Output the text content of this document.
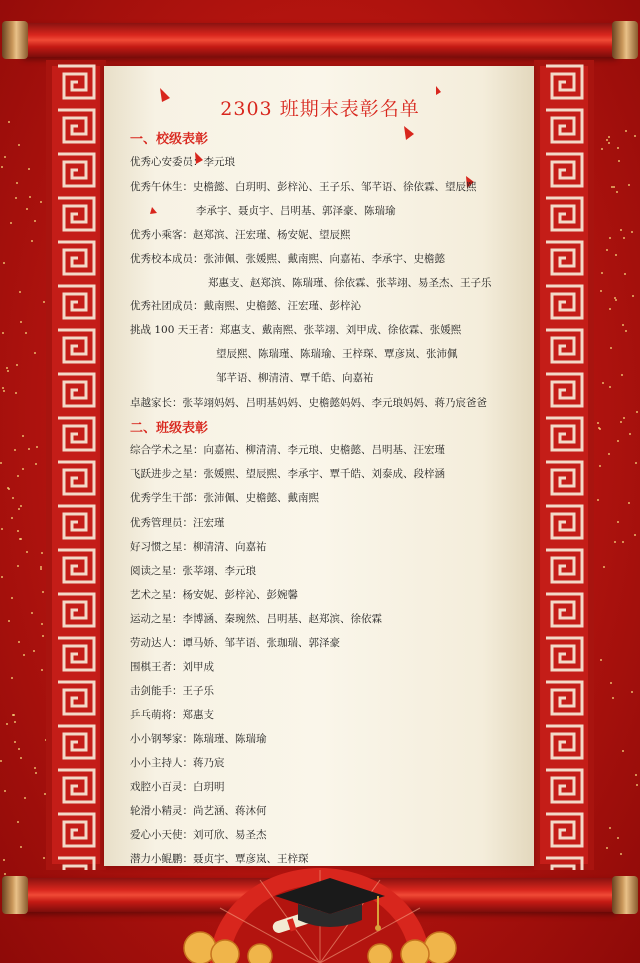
2303 班期末表彰名单
一、校级表彰
优秀心安委员：李元琅
优秀午休生：史檐懿、白玥明、彭梓沁、王子乐、邹芊语、徐依霖、望辰熙
李承宇、聂贞宇、吕明基、郭泽豪、陈瑞瑜
优秀小乘客：赵郑滨、汪宏瑾、杨安妮、望辰熙
优秀校本成员：张沛佩、张媛熙、戴南熙、向嘉祐、李承宇、史檐懿
郑惠支、赵郑滨、陈瑞瑾、徐依霖、张莘翊、易圣杰、王子乐
优秀社团成员：戴南熙、史檐懿、汪宏瑾、彭梓沁
挑战 100 天王者：郑惠支、戴南熙、张莘翊、刘甲成、徐依霖、张媛熙
望辰熙、陈瑞瑾、陈瑞瑜、王梓琛、覃彦岚、张沛佩
邹芊语、柳清清、覃千皓、向嘉祐
卓越家长：张莘翊妈妈、吕明基妈妈、史檐懿妈妈、李元琅妈妈、蒋乃宸爸爸
二、班级表彰
综合学术之星：向嘉祐、柳清清、李元琅、史檐懿、吕明基、汪宏瑾
飞跃进步之星：张媛熙、望辰熙、李承宇、覃千皓、刘泰成、段梓涵
优秀学生干部：张沛佩、史檐懿、戴南熙
优秀管理员：汪宏瑾
好习惯之星：柳清清、向嘉祐
阅读之星：张莘翊、李元琅
艺术之星：杨安妮、彭梓沁、彭婉馨
运动之星：李博涵、秦琬然、吕明基、赵郑滨、徐依霖
劳动达人：谭马娇、邹芊语、张珈瑞、郭泽豪
围棋王者：刘甲成
击剑能手：王子乐
乒乓萌将：郑惠支
小小钢琴家：陈瑞瑾、陈瑞瑜
小小主持人：蒋乃宸
戏腔小百灵：白玥明
轮滑小精灵：尚艺涵、蒋沐何
爱心小天使：刘可欣、易圣杰
潜力小鲲鹏：聂贞宇、覃彦岚、王梓琛
